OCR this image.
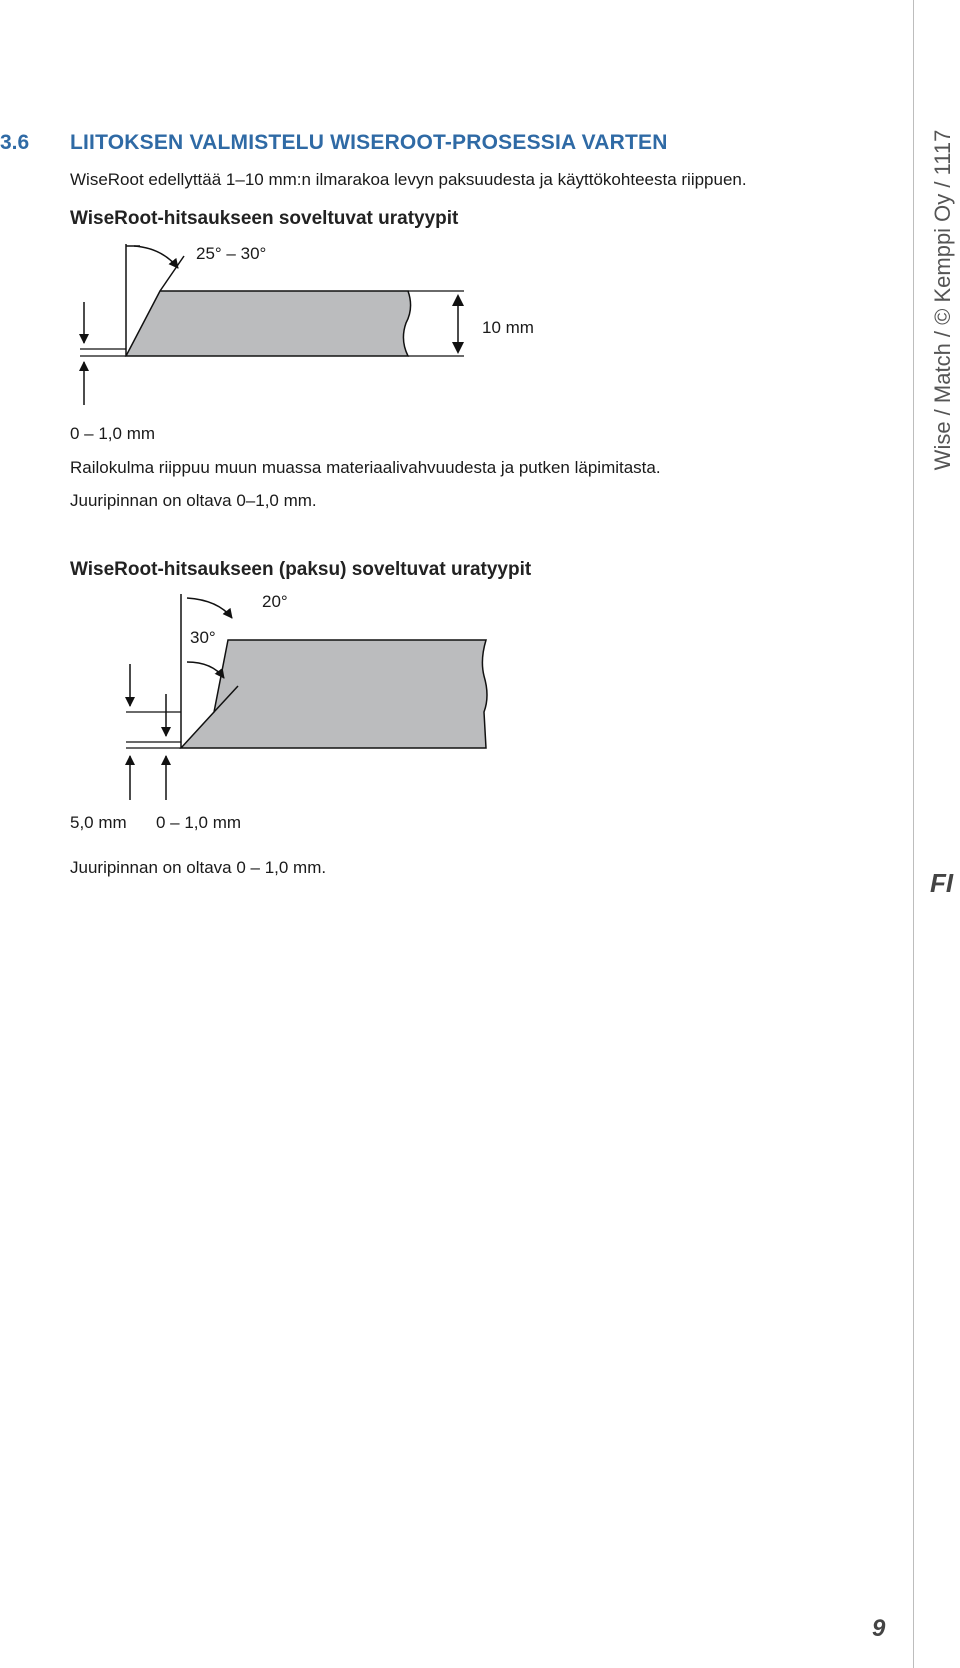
3.6 LIITOKSEN VALMISTELU WISEROOT-PROSESSIA VARTEN
WiseRoot edellyttää 1–10 mm:n ilmarakoa levyn paksuudesta ja käyttökohteesta riippuen.
WiseRoot-hitsaukseen soveltuvat uratyypit
25° – 30°
10 mm
0 – 1,0 mm
Railokulma riippuu muun muassa materiaalivahvuudesta ja putken läpimitasta.
Juuripinnan on oltava 0–1,0 mm.
WiseRoot-hitsaukseen (paksu) soveltuvat uratyypit
20°
30°
5,0 mm 0 – 1,0 mm
Juuripinnan on oltava 0 – 1,0 mm.
Wise / Match / © Kemppi Oy / 1117
FI
9
